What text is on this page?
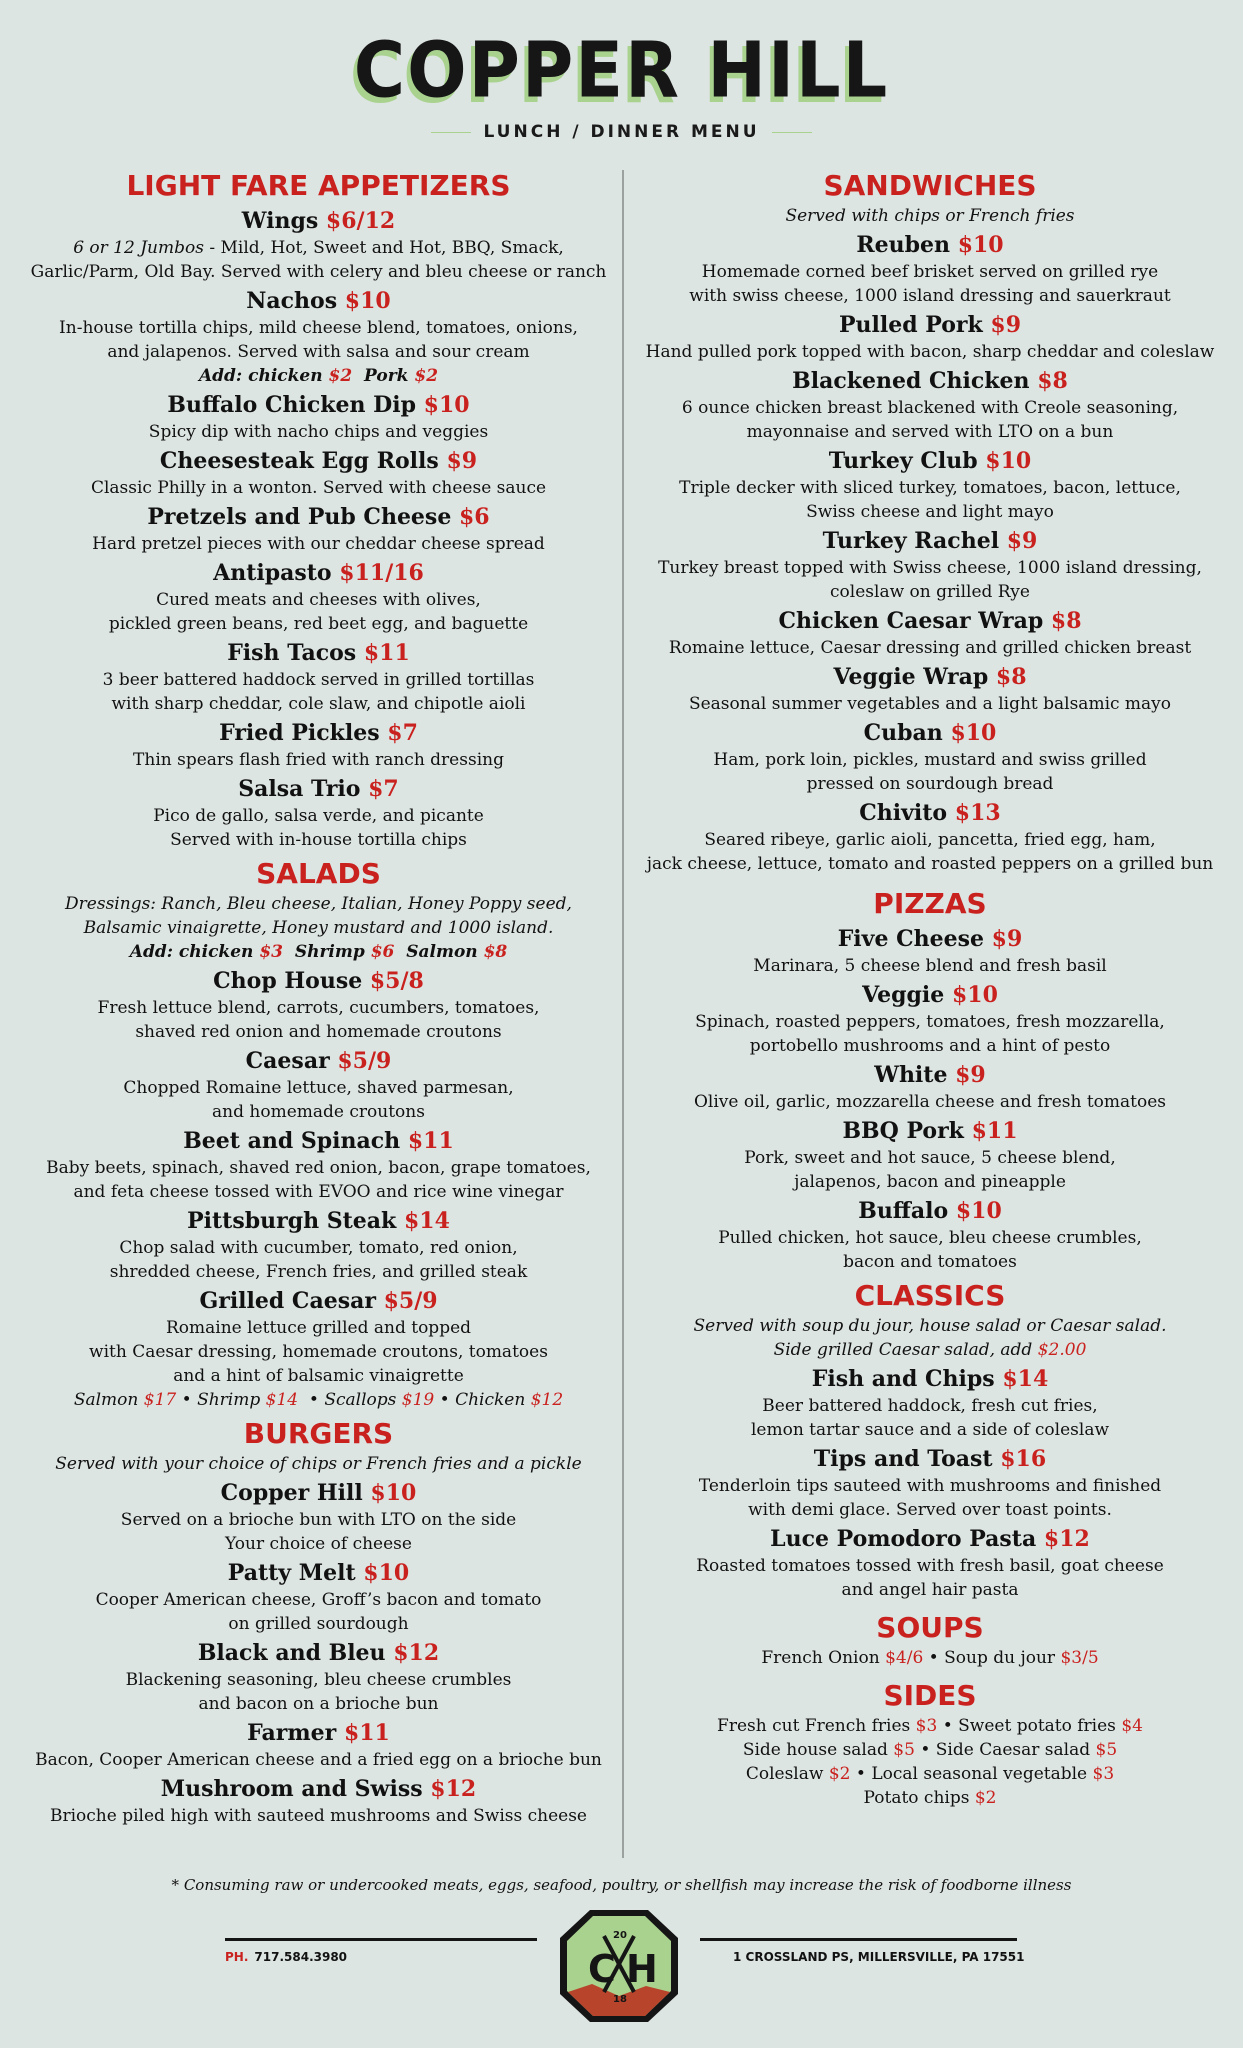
COPPER HILL
LUNCH / DINNER MENU
LIGHT FARE APPETIZERS
Wings $6/12
6 or 12 Jumbos - Mild, Hot, Sweet and Hot, BBQ, Smack,
Garlic/Parm, Old Bay. Served with celery and bleu cheese or ranch
Nachos $10
In-house tortilla chips, mild cheese blend, tomatoes, onions,
and jalapenos. Served with salsa and sour cream
Add: chicken $2 Pork $2
Buffalo Chicken Dip $10
Spicy dip with nacho chips and veggies
Cheesesteak Egg Rolls $9
Classic Philly in a wonton. Served with cheese sauce
Pretzels and Pub Cheese $6
Hard pretzel pieces with our cheddar cheese spread
Antipasto $11/16
Cured meats and cheeses with olives,
pickled green beans, red beet egg, and baguette
Fish Tacos $11
3 beer battered haddock served in grilled tortillas
with sharp cheddar, cole slaw, and chipotle aioli
Fried Pickles $7
Thin spears flash fried with ranch dressing
Salsa Trio $7
Pico de gallo, salsa verde, and picante
Served with in-house tortilla chips
SALADS
Dressings: Ranch, Bleu cheese, Italian, Honey Poppy seed,
Balsamic vinaigrette, Honey mustard and 1000 island.
Add: chicken $3 Shrimp $6 Salmon $8
Chop House $5/8
Fresh lettuce blend, carrots, cucumbers, tomatoes,
shaved red onion and homemade croutons
Caesar $5/9
Chopped Romaine lettuce, shaved parmesan,
and homemade croutons
Beet and Spinach $11
Baby beets, spinach, shaved red onion, bacon, grape tomatoes,
and feta cheese tossed with EVOO and rice wine vinegar
Pittsburgh Steak $14
Chop salad with cucumber, tomato, red onion,
shredded cheese, French fries, and grilled steak
Grilled Caesar $5/9
Romaine lettuce grilled and topped
with Caesar dressing, homemade croutons, tomatoes
and a hint of balsamic vinaigrette
Salmon $17 • Shrimp $14  • Scallops $19 • Chicken $12
BURGERS
Served with your choice of chips or French fries and a pickle
Copper Hill $10
Served on a brioche bun with LTO on the side
Your choice of cheese
Patty Melt $10
Cooper American cheese, Groff’s bacon and tomato
on grilled sourdough
Black and Bleu $12
Blackening seasoning, bleu cheese crumbles
and bacon on a brioche bun
Farmer $11
Bacon, Cooper American cheese and a fried egg on a brioche bun
Mushroom and Swiss $12
Brioche piled high with sauteed mushrooms and Swiss cheese
SANDWICHES
Served with chips or French fries
Reuben $10
Homemade corned beef brisket served on grilled rye
with swiss cheese, 1000 island dressing and sauerkraut
Pulled Pork $9
Hand pulled pork topped with bacon, sharp cheddar and coleslaw
Blackened Chicken $8
6 ounce chicken breast blackened with Creole seasoning,
mayonnaise and served with LTO on a bun
Turkey Club $10
Triple decker with sliced turkey, tomatoes, bacon, lettuce,
Swiss cheese and light mayo
Turkey Rachel $9
Turkey breast topped with Swiss cheese, 1000 island dressing,
coleslaw on grilled Rye
Chicken Caesar Wrap $8
Romaine lettuce, Caesar dressing and grilled chicken breast
Veggie Wrap $8
Seasonal summer vegetables and a light balsamic mayo
Cuban $10
Ham, pork loin, pickles, mustard and swiss grilled
pressed on sourdough bread
Chivito $13
Seared ribeye, garlic aioli, pancetta, fried egg, ham,
jack cheese, lettuce, tomato and roasted peppers on a grilled bun
PIZZAS
Five Cheese $9
Marinara, 5 cheese blend and fresh basil
Veggie $10
Spinach, roasted peppers, tomatoes, fresh mozzarella,
portobello mushrooms and a hint of pesto
White $9
Olive oil, garlic, mozzarella cheese and fresh tomatoes
BBQ Pork $11
Pork, sweet and hot sauce, 5 cheese blend,
jalapenos, bacon and pineapple
Buffalo $10
Pulled chicken, hot sauce, bleu cheese crumbles,
bacon and tomatoes
CLASSICS
Served with soup du jour, house salad or Caesar salad.
Side grilled Caesar salad, add $2.00
Fish and Chips $14
Beer battered haddock, fresh cut fries,
lemon tartar sauce and a side of coleslaw
Tips and Toast $16
Tenderloin tips sauteed with mushrooms and finished
with demi glace. Served over toast points.
Luce Pomodoro Pasta $12
Roasted tomatoes tossed with fresh basil, goat cheese
and angel hair pasta
SOUPS
French Onion $4/6 • Soup du jour $3/5
SIDES
Fresh cut French fries $3 • Sweet potato fries $4
Side house salad $5 • Side Caesar salad $5
Coleslaw $2 • Local seasonal vegetable $3
Potato chips $2
* Consuming raw or undercooked meats, eggs, seafood, poultry, or shellfish may increase the risk of foodborne illness
PH. 717.584.3980	C H
20
18
1 CROSSLAND PS, MILLERSVILLE, PA 17551
